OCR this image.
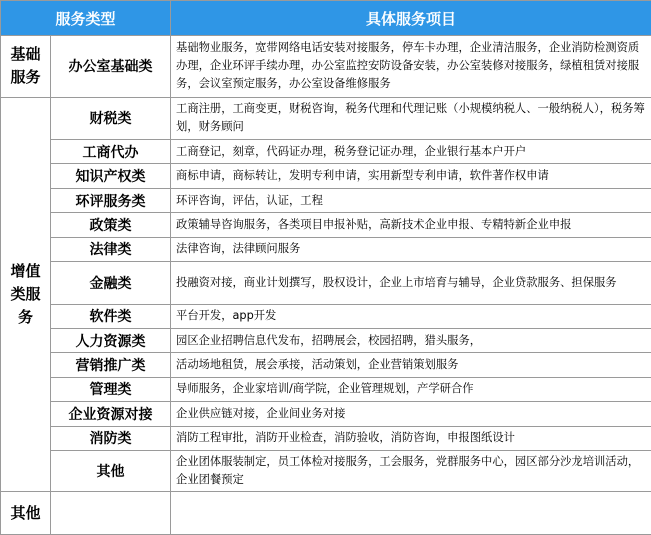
服务类型		具体服务项目
基础服务	办公室基础类	基础物业服务，宽带网络电话安装对接服务，停车卡办理，企业清洁服务，企业消防检测资质办理，企业环评手续办理，办公室监控安防设备安装，办公室装修对接服务，绿植租赁对接服务，会议室预定服务，办公室设备维修服务
增值类服务	财税类	工商注册，工商变更，财税咨询，税务代理和代理记账（小规模纳税人、一般纳税人），税务筹划，财务顾问
	工商代办	工商登记，刻章，代码证办理，税务登记证办理，企业银行基本户开户
	知识产权类	商标申请，商标转让，发明专利申请，实用新型专利申请，软件著作权申请
	环评服务类	环评咨询，评估，认证，工程
	政策类	政策辅导咨询服务，各类项目申报补贴，高新技术企业申报、专精特新企业申报
	法律类	法律咨询，法律顾问服务
	金融类	投融资对接，商业计划撰写，股权设计，企业上市培育与辅导，企业贷款服务、担保服务
	软件类	平台开发，app开发
	人力资源类	园区企业招聘信息代发布，招聘展会，校园招聘，猎头服务，
	营销推广类	活动场地租赁，展会承接，活动策划，企业营销策划服务
	管理类	导师服务，企业家培训/商学院，企业管理规划，产学研合作
	企业资源对接	企业供应链对接，企业间业务对接
	消防类	消防工程审批，消防开业检查，消防验收，消防咨询，申报图纸设计
	其他	企业团体服装制定，员工体检对接服务，工会服务，党群服务中心，园区部分沙龙培训活动，企业团餐预定
其他		
